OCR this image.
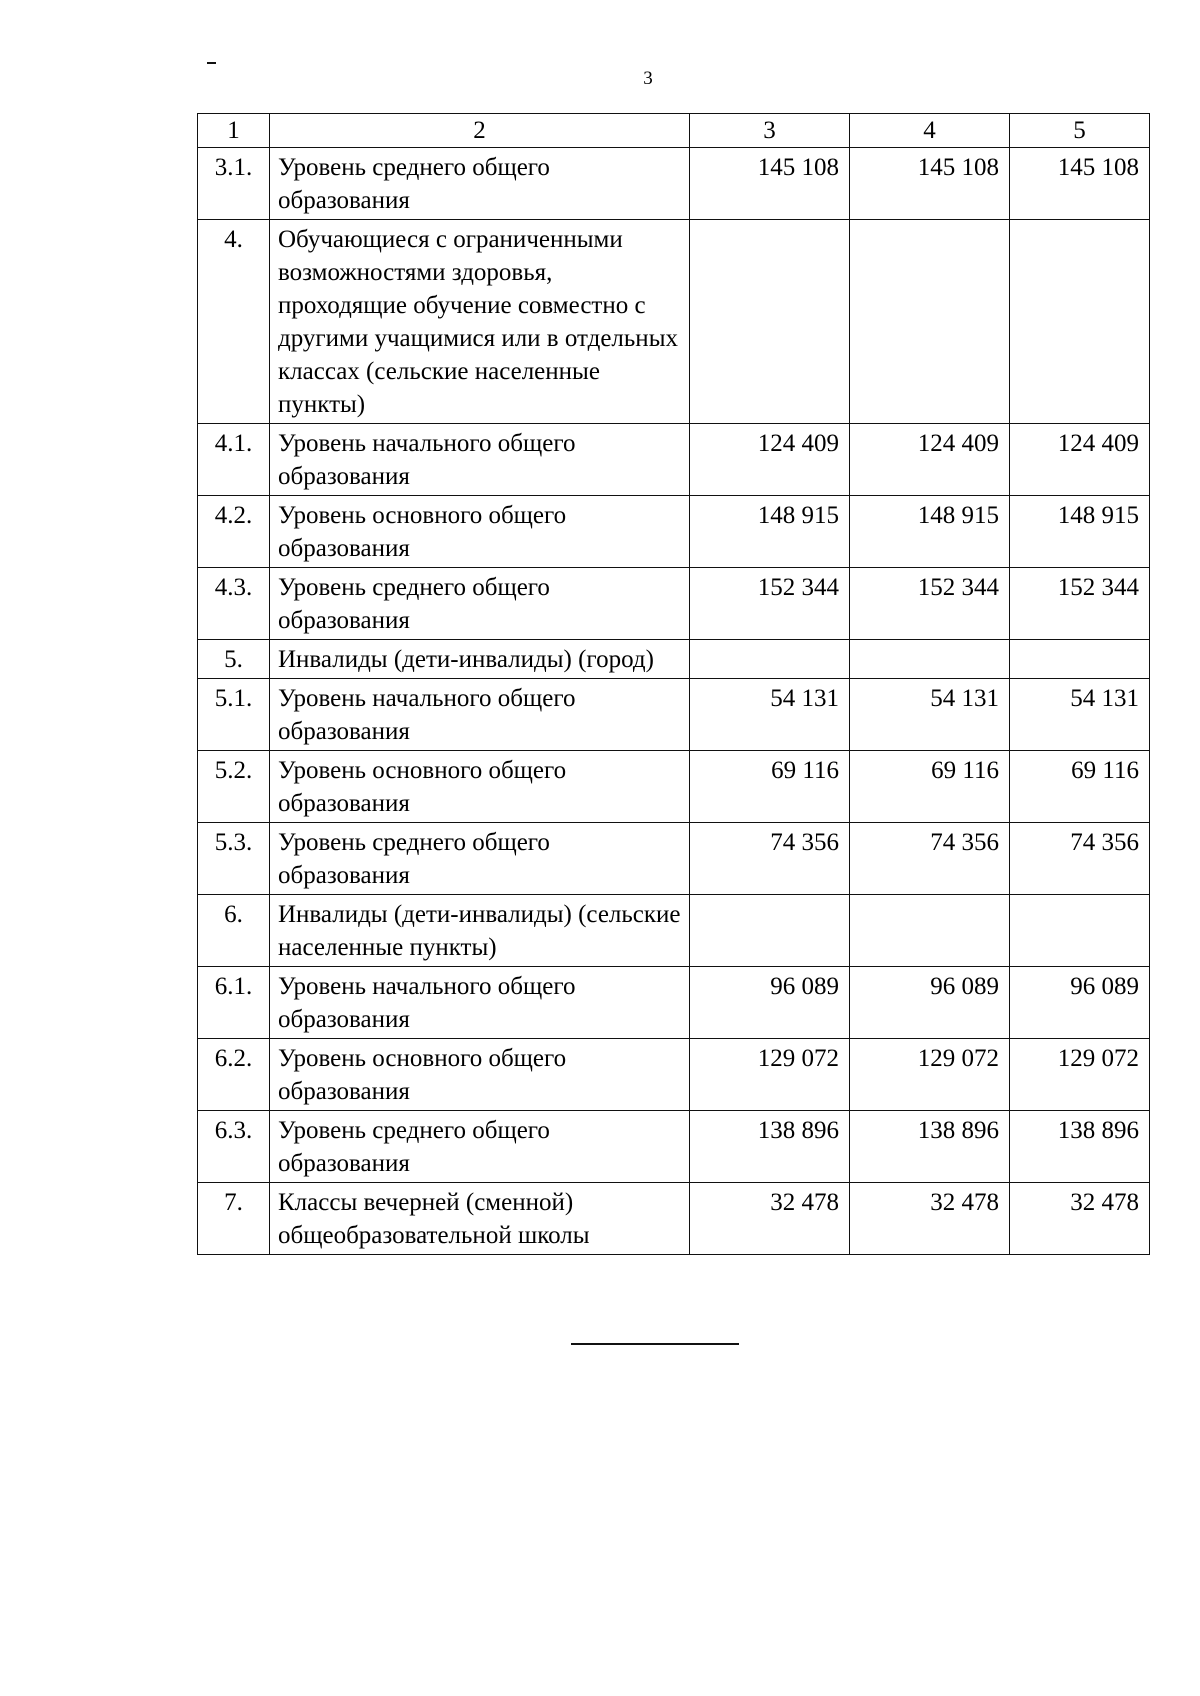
3
1	2	3	4	5
3.1.	Уровень среднего общего образования	145 108	145 108	145 108
4.	Обучающиеся с ограниченными возможностями здоровья, проходящие обучение совместно с другими учащимися или в отдельных классах (сельские населенные пункты)			
4.1.	Уровень начального общего образования	124 409	124 409	124 409
4.2.	Уровень основного общего образования	148 915	148 915	148 915
4.3.	Уровень среднего общего образования	152 344	152 344	152 344
5.	Инвалиды (дети-инвалиды) (город)			
5.1.	Уровень начального общего образования	54 131	54 131	54 131
5.2.	Уровень основного общего образования	69 116	69 116	69 116
5.3.	Уровень среднего общего образования	74 356	74 356	74 356
6.	Инвалиды (дети-инвалиды) (сельские населенные пункты)			
6.1.	Уровень начального общего образования	96 089	96 089	96 089
6.2.	Уровень основного общего образования	129 072	129 072	129 072
6.3.	Уровень среднего общего образования	138 896	138 896	138 896
7.	Классы вечерней (сменной) общеобразовательной школы	32 478	32 478	32 478
